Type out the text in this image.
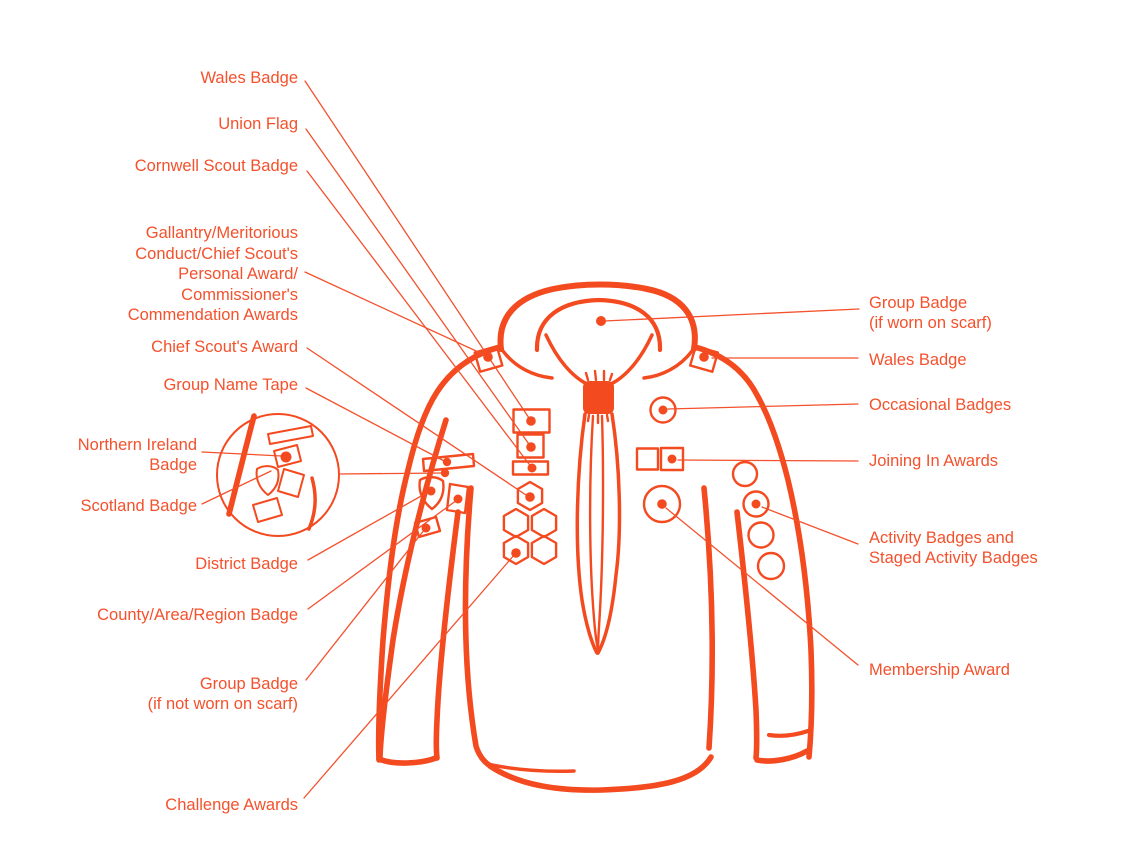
Wales Badge
Union Flag
Cornwell Scout Badge
Gallantry/Meritorious
Conduct/Chief Scout's
Personal Award/
Commissioner's
Commendation Awards
Chief Scout's Award
Group Name Tape
Northern Ireland
Badge
Scotland Badge
District Badge
County/Area/Region Badge
Group Badge
(if not worn on scarf)
Challenge Awards
Group Badge
(if worn on scarf)
Wales Badge
Occasional Badges
Joining In Awards
Activity Badges and
Staged Activity Badges
Membership Award
